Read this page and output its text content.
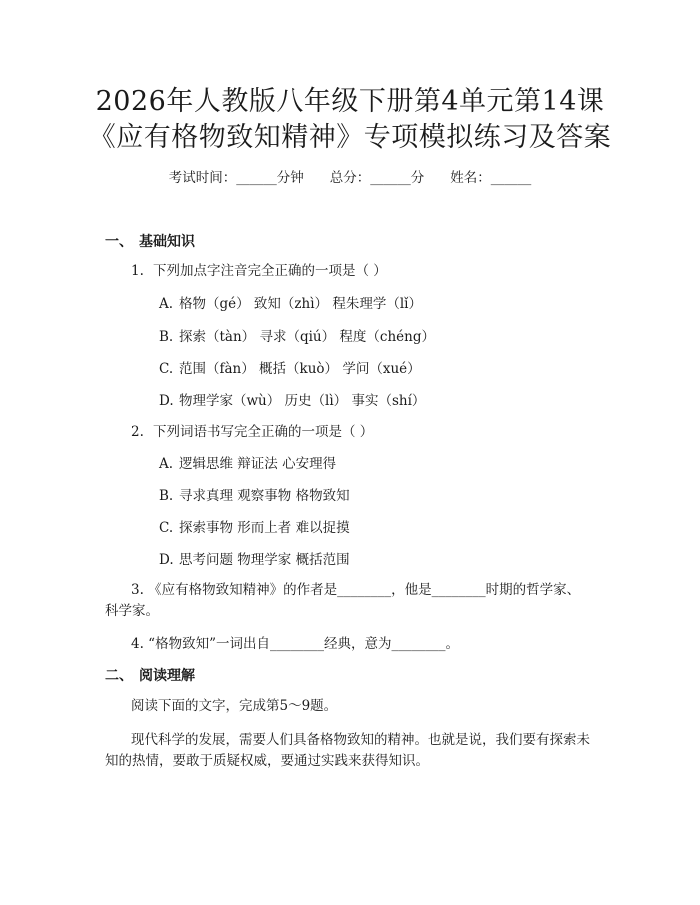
2026年人教版八年级下册第4单元第14课
《应有格物致知精神》专项模拟练习及答案
考试时间：______分钟 总分：______分 姓名：______
一、 基础知识
1. 下列加点字注音完全正确的一项是（ ）
A. 格物（gé） 致知（zhì） 程朱理学（lǐ）
B. 探索（tàn） 寻求（qiú） 程度（chéng）
C. 范围（fàn） 概括（kuò） 学问（xué）
D. 物理学家（wù） 历史（lì） 事实（shí）
2. 下列词语书写完全正确的一项是（ ）
A. 逻辑思维 辩证法 心安理得
B. 寻求真理 观察事物 格物致知
C. 探索事物 形而上者 难以捉摸
D. 思考问题 物理学家 概括范围
3. 《应有格物致知精神》的作者是________，他是________时期的哲学家、
科学家。
4. “格物致知”一词出自________经典，意为________。
二、 阅读理解
阅读下面的文字，完成第5～9题。
现代科学的发展，需要人们具备格物致知的精神。也就是说，我们要有探索未
知的热情，要敢于质疑权威，要通过实践来获得知识。
